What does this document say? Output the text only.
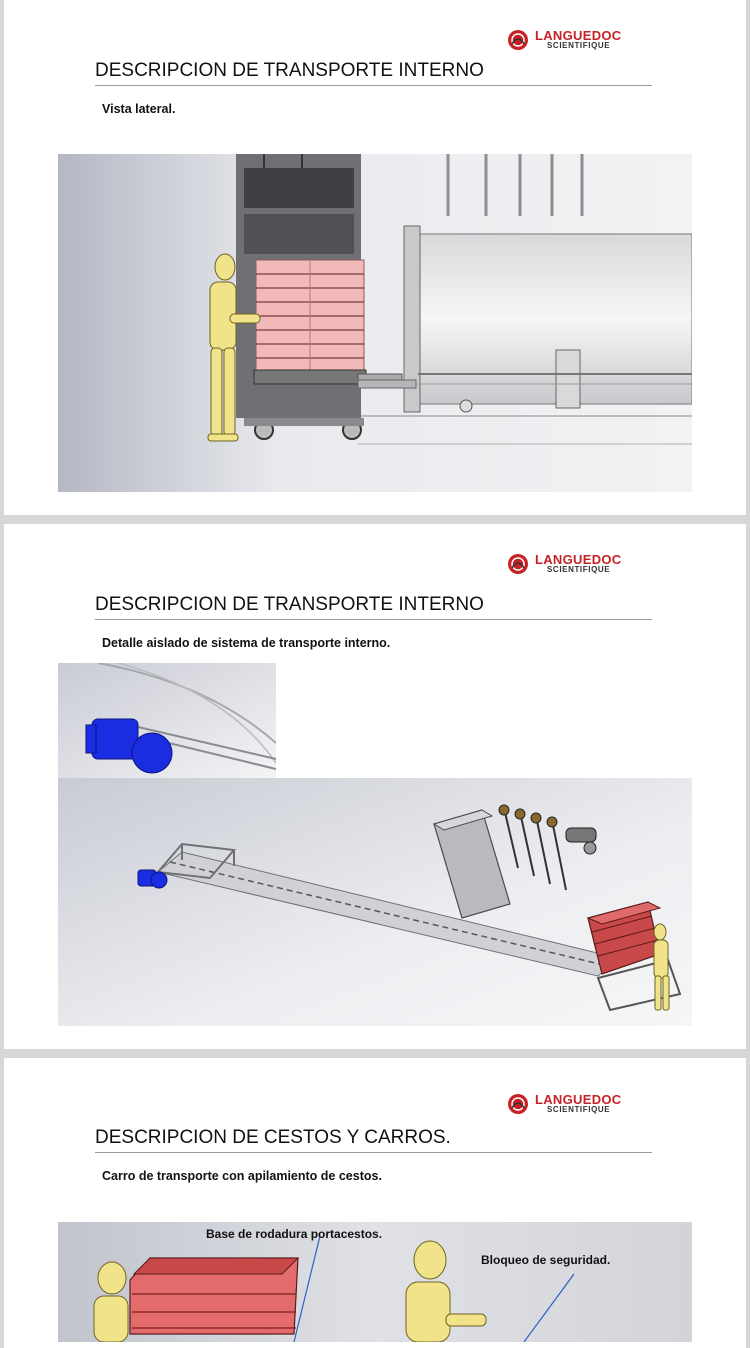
LANGUEDOC
SCIENTIFIQUE
DESCRIPCION DE TRANSPORTE INTERNO
Vista lateral.
LANGUEDOC
SCIENTIFIQUE
DESCRIPCION DE TRANSPORTE INTERNO
Detalle aislado de sistema de transporte interno.
LANGUEDOC
SCIENTIFIQUE
DESCRIPCION DE CESTOS Y CARROS.
Carro de transporte con apilamiento de cestos.
Base de rodadura portacestos.
Bloqueo de seguridad.
